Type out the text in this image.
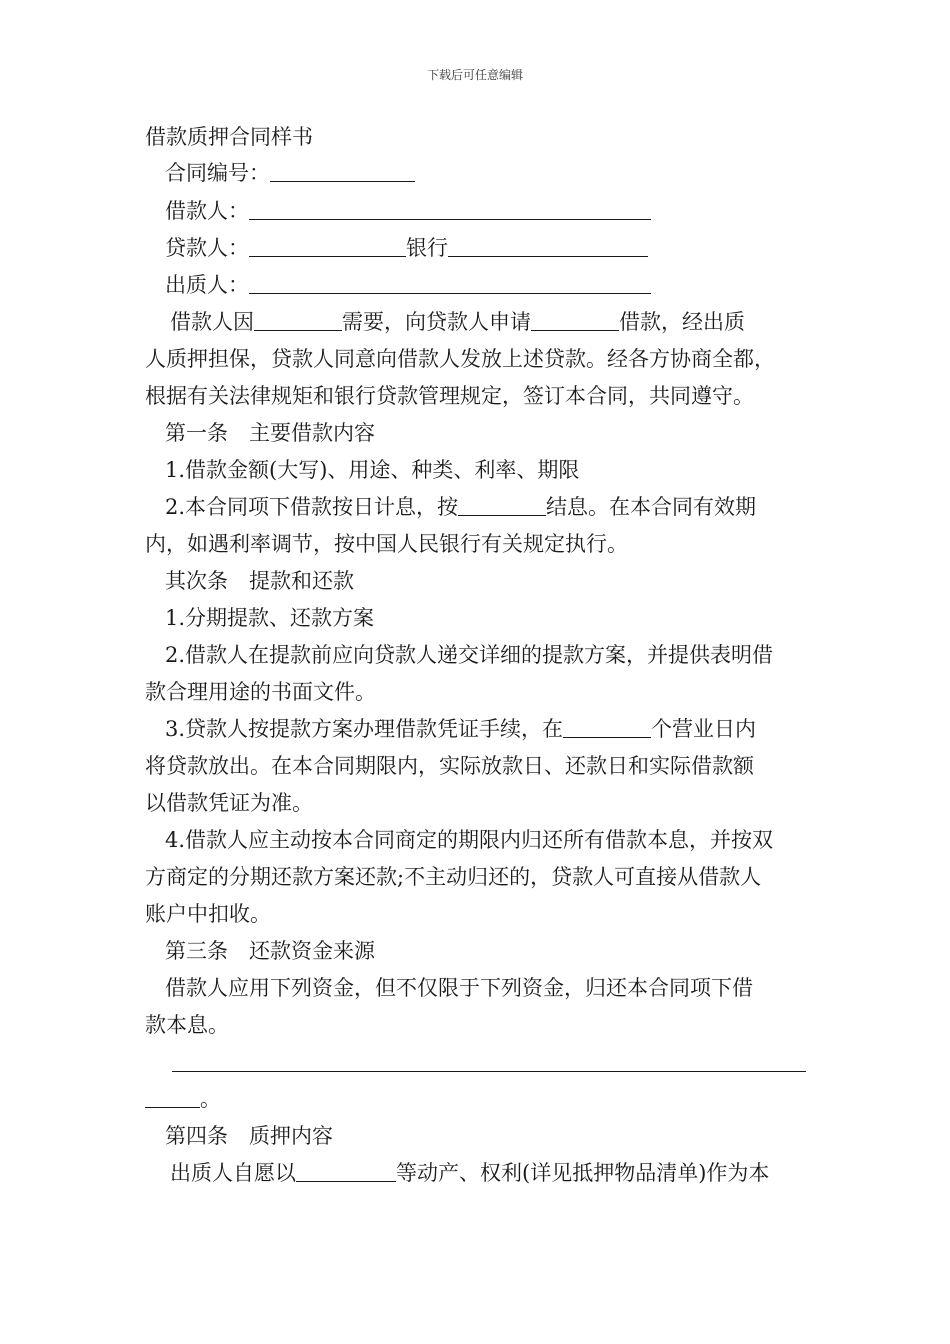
下载后可任意编辑
借款质押合同样书
合同编号：
借款人：
贷款人：	银行
出质人：
借款人因	需要，向贷款人申请	借款，经出质
人质押担保，贷款人同意向借款人发放上述贷款。经各方协商全都，
根据有关法律规矩和银行贷款管理规定，签订本合同，共同遵守。
第一条　主要借款内容
1.借款金额(大写)、用途、种类、利率、期限
2.本合同项下借款按日计息，按	结息。在本合同有效期
内，如遇利率调节，按中国人民银行有关规定执行。
其次条　提款和还款
1.分期提款、还款方案
2.借款人在提款前应向贷款人递交详细的提款方案，并提供表明借
款合理用途的书面文件。
3.贷款人按提款方案办理借款凭证手续，在	个营业日内
将贷款放出。在本合同期限内，实际放款日、还款日和实际借款额
以借款凭证为准。
4.借款人应主动按本合同商定的期限内归还所有借款本息，并按双
方商定的分期还款方案还款;不主动归还的，贷款人可直接从借款人
账户中扣收。
第三条　还款资金来源
借款人应用下列资金，但不仅限于下列资金，归还本合同项下借
款本息。
。
第四条　质押内容
出质人自愿以	等动产、权利(详见抵押物品清单)作为本
